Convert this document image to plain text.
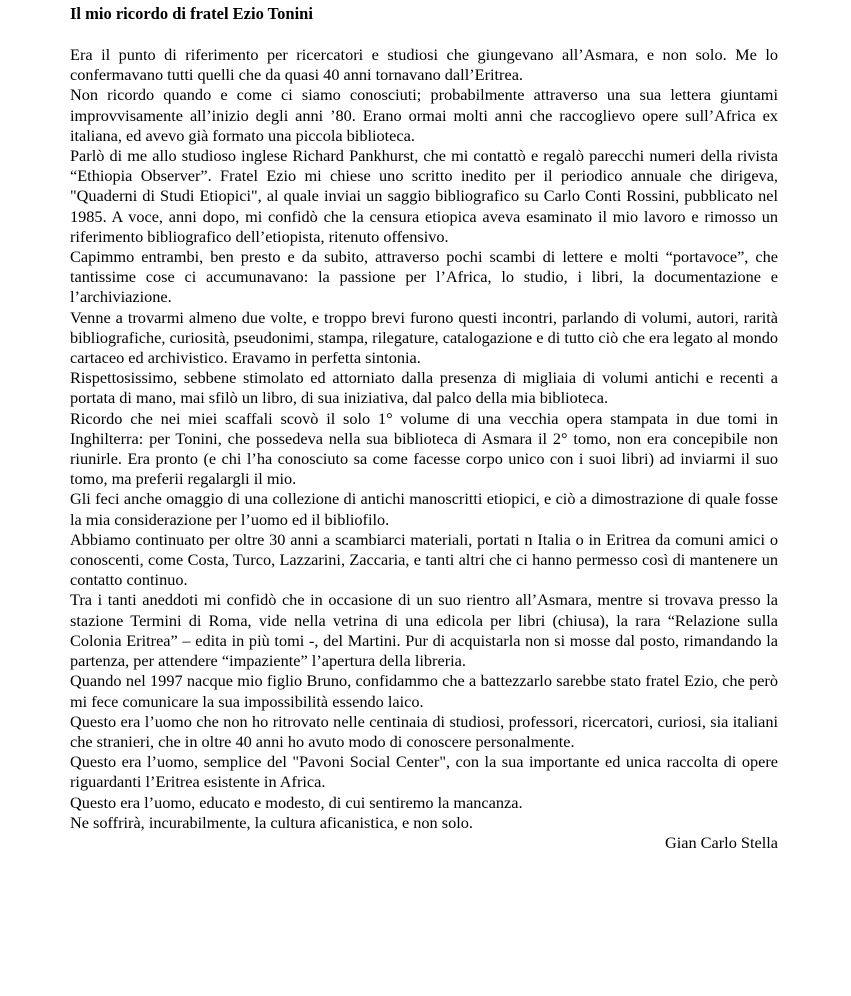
Il mio ricordo di fratel Ezio Tonini

Era il punto di riferimento per ricercatori e studiosi che giungevano all’Asmara, e non solo. Me lo confermavano tutti quelli che da quasi 40 anni tornavano dall’Eritrea.

Non ricordo quando e come ci siamo conosciuti; probabilmente attraverso una sua lettera giuntami improvvisamente all’inizio degli anni ’80. Erano ormai molti anni che raccoglievo opere sull’Africa ex italiana, ed avevo già formato una piccola biblioteca.

Parlò di me allo studioso inglese Richard Pankhurst, che mi contattò e regalò parecchi numeri della rivista “Ethiopia Observer”. Fratel Ezio mi chiese uno scritto inedito per il periodico annuale che dirigeva, "Quaderni di Studi Etiopici", al quale inviai un saggio bibliografico su Carlo Conti Rossini, pubblicato nel 1985. A voce, anni dopo, mi confidò che la censura etiopica aveva esaminato il mio lavoro e rimosso un riferimento bibliografico dell’etiopista, ritenuto offensivo.

Capimmo entrambi, ben presto e da subito, attraverso pochi scambi di lettere e molti “portavoce”, che tantissime cose ci accumunavano: la passione per l’Africa, lo studio, i libri, la documentazione e l’archiviazione.

Venne a trovarmi almeno due volte, e troppo brevi furono questi incontri, parlando di volumi, autori, rarità bibliografiche, curiosità, pseudonimi, stampa, rilegature, catalogazione e di tutto ciò che era legato al mondo cartaceo ed archivistico. Eravamo in perfetta sintonia.

Rispettosissimo, sebbene stimolato ed attorniato dalla presenza di migliaia di volumi antichi e recenti a portata di mano, mai sfilò un libro, di sua iniziativa, dal palco della mia biblioteca.

Ricordo che nei miei scaffali scovò il solo 1° volume di una vecchia opera stampata in due tomi in Inghilterra: per Tonini, che possedeva nella sua biblioteca di Asmara il 2° tomo, non era concepibile non riunirle. Era pronto (e chi l’ha conosciuto sa come facesse corpo unico con i suoi libri) ad inviarmi il suo tomo, ma preferii regalargli il mio.

Gli feci anche omaggio di una collezione di antichi manoscritti etiopici, e ciò a dimostrazione di quale fosse la mia considerazione per l’uomo ed il bibliofilo.

Abbiamo continuato per oltre 30 anni a scambiarci materiali, portati n Italia o in Eritrea da comuni amici o conoscenti, come Costa, Turco, Lazzarini, Zaccaria, e tanti altri che ci hanno permesso così di mantenere un contatto continuo.

Tra i tanti aneddoti mi confidò che in occasione di un suo rientro all’Asmara, mentre si trovava presso la stazione Termini di Roma, vide nella vetrina di una edicola per libri (chiusa), la rara “Relazione sulla Colonia Eritrea” – edita in più tomi -, del Martini. Pur di acquistarla non si mosse dal posto, rimandando la partenza, per attendere “impaziente” l’apertura della libreria.

Quando nel 1997 nacque mio figlio Bruno, confidammo che a battezzarlo sarebbe stato fratel Ezio, che però mi fece comunicare la sua impossibilità essendo laico.

Questo era l’uomo che non ho ritrovato nelle centinaia di studiosi, professori, ricercatori, curiosi, sia italiani che stranieri, che in oltre 40 anni ho avuto modo di conoscere personalmente.

Questo era l’uomo, semplice del "Pavoni Social Center", con la sua importante ed unica raccolta di opere riguardanti l’Eritrea esistente in Africa.

Questo era l’uomo, educato e modesto, di cui sentiremo la mancanza.

Ne soffrirà, incurabilmente, la cultura aficanistica, e non solo.

Gian Carlo Stella
